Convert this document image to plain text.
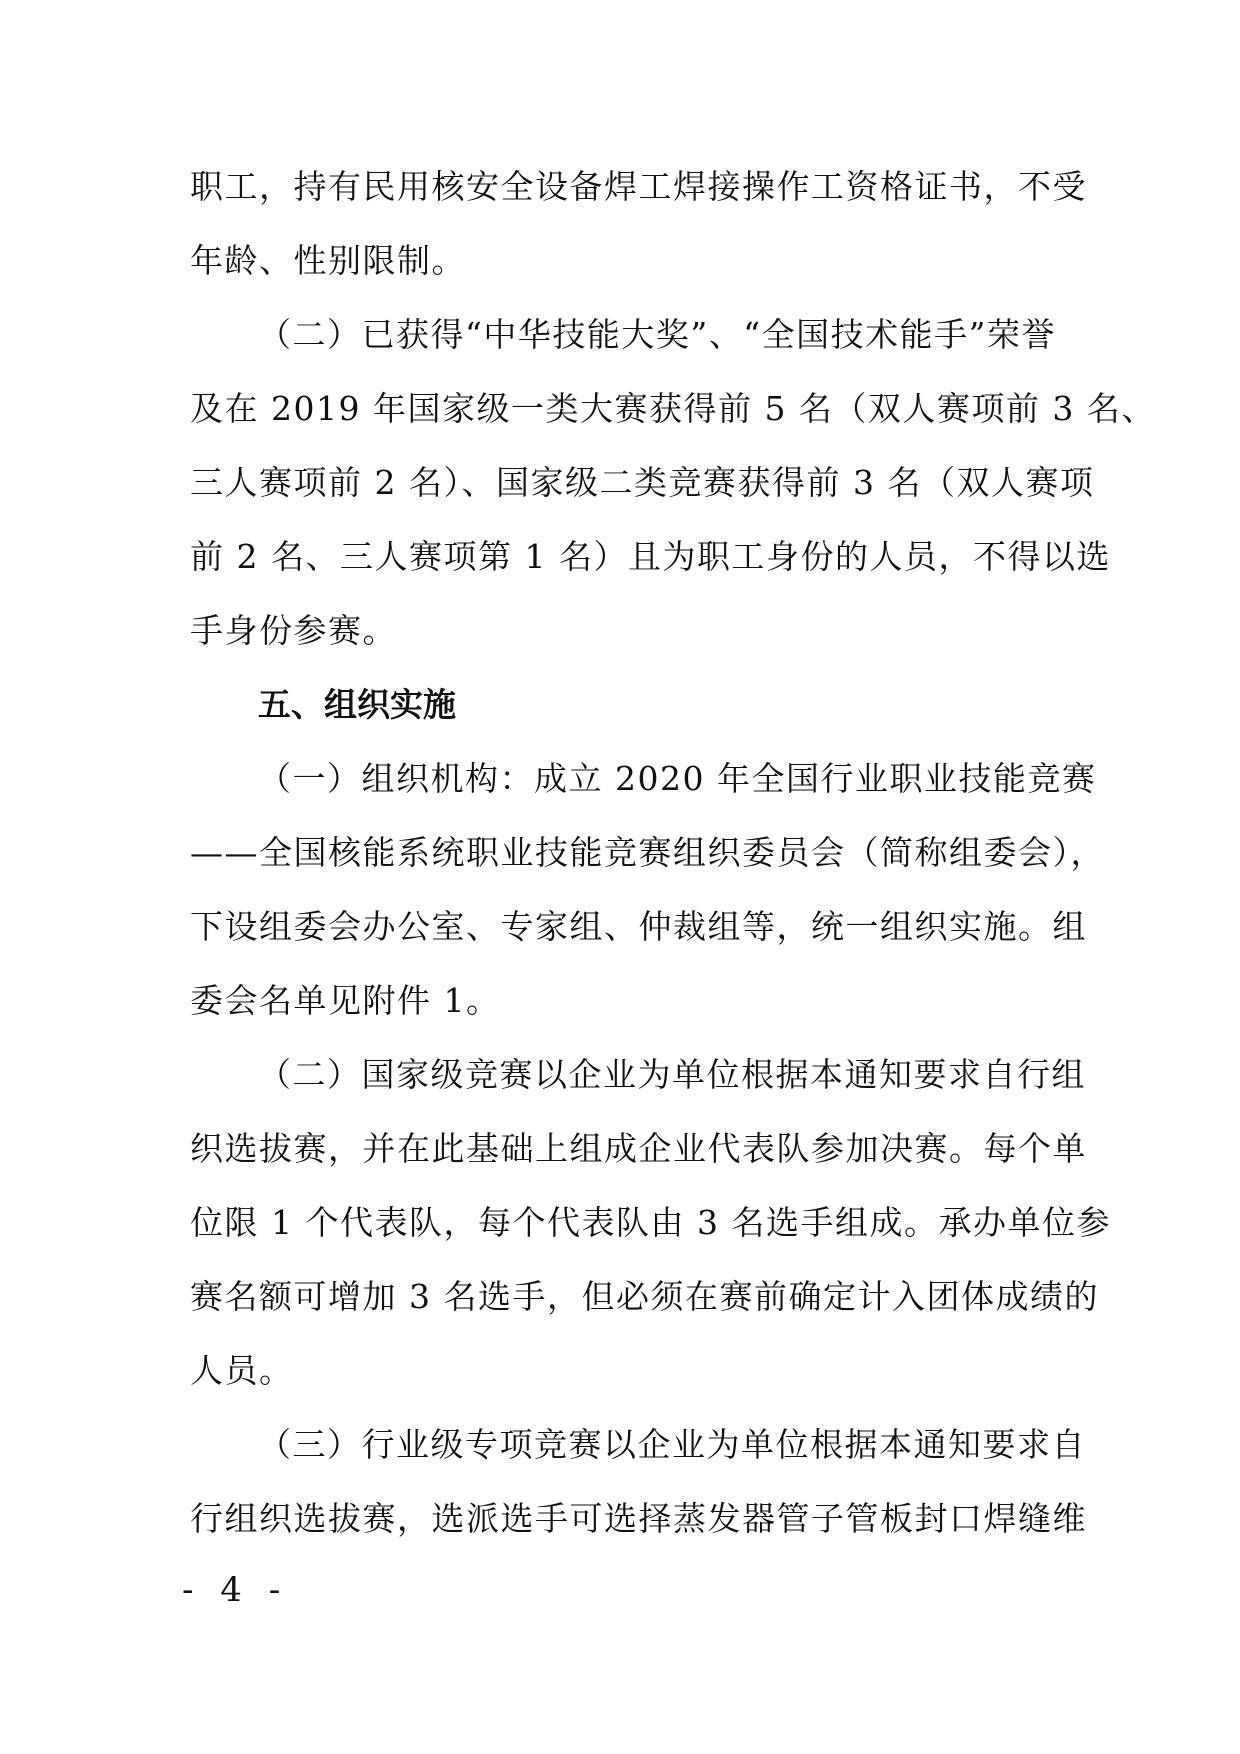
职工，持有民用核安全设备焊工焊接操作工资格证书，不受
年龄、性别限制。
（二）已获得“中华技能大奖”、“全国技术能手”荣誉
及在 2019 年国家级一类大赛获得前 5 名（双人赛项前 3 名、
三人赛项前 2 名）、国家级二类竞赛获得前 3 名（双人赛项
前 2 名、三人赛项第 1 名）且为职工身份的人员，不得以选
手身份参赛。
五、组织实施
（一）组织机构：成立 2020 年全国行业职业技能竞赛
——全国核能系统职业技能竞赛组织委员会（简称组委会），
下设组委会办公室、专家组、仲裁组等，统一组织实施。组
委会名单见附件 1。
（二）国家级竞赛以企业为单位根据本通知要求自行组
织选拔赛，并在此基础上组成企业代表队参加决赛。每个单
位限 1 个代表队，每个代表队由 3 名选手组成。承办单位参
赛名额可增加 3 名选手，但必须在赛前确定计入团体成绩的
人员。
（三）行业级专项竞赛以企业为单位根据本通知要求自
行组织选拔赛，选派选手可选择蒸发器管子管板封口焊缝维
- 4 -
